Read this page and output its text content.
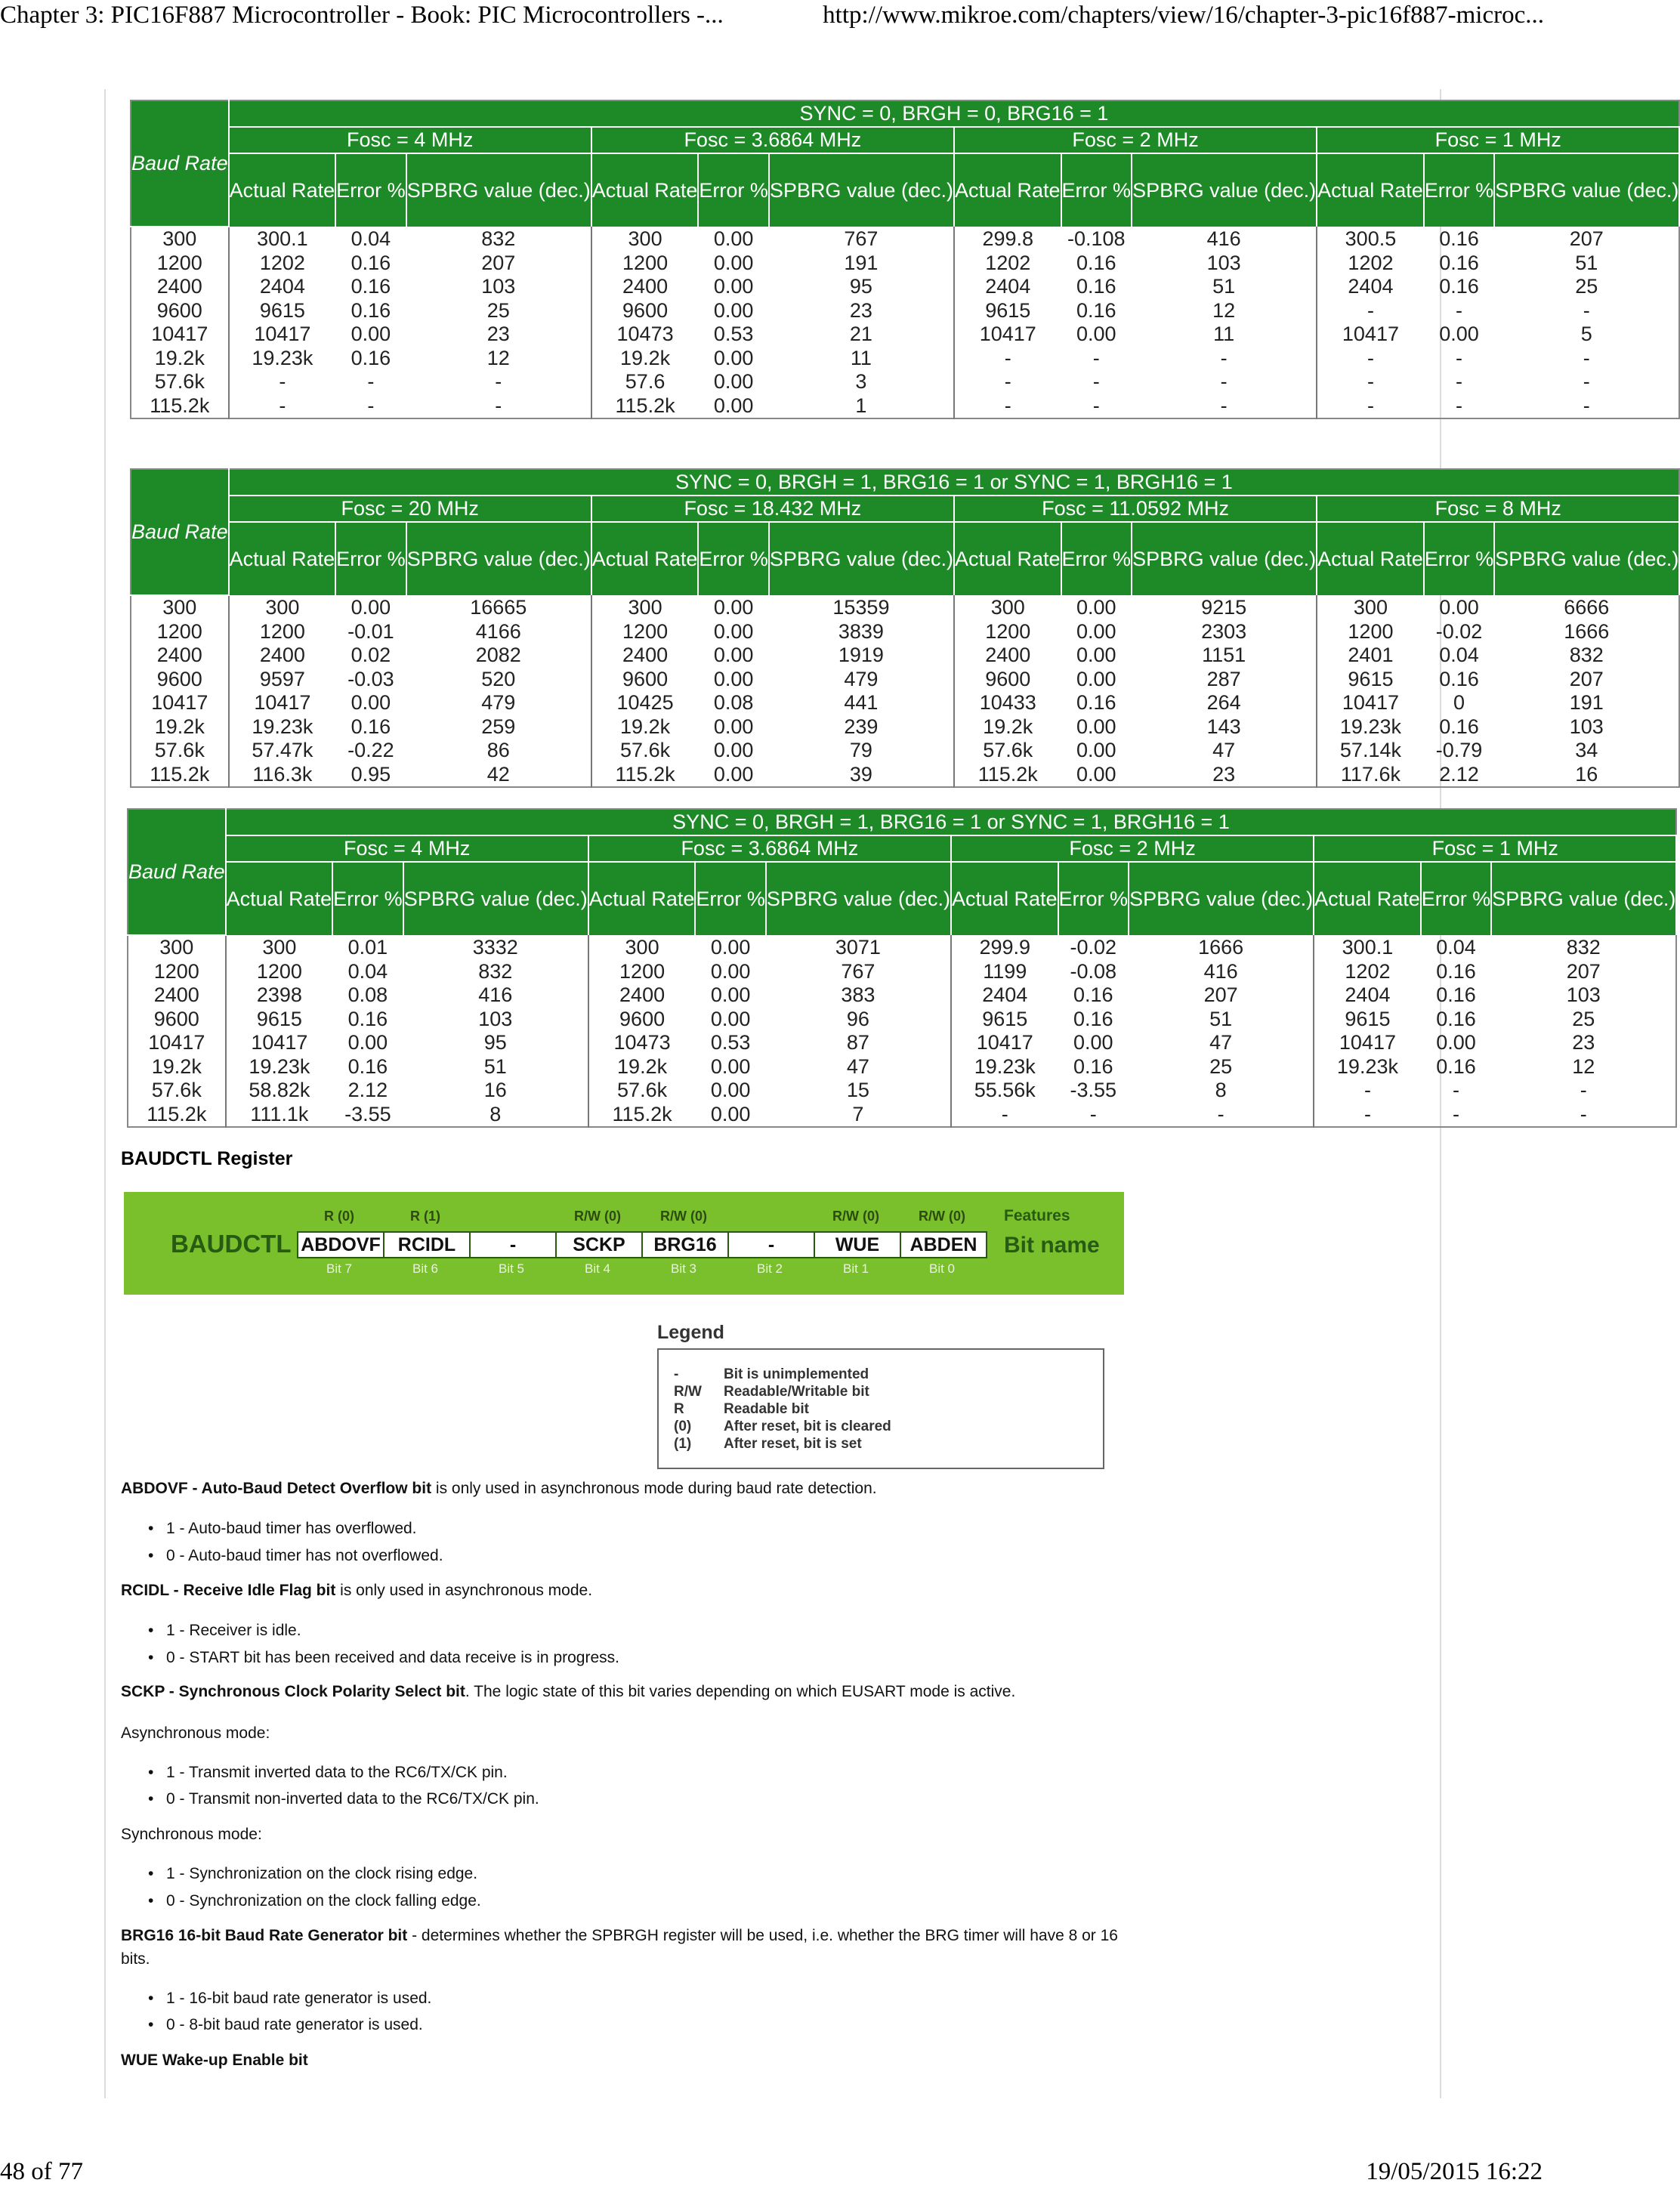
Chapter 3: PIC16F887 Microcontroller - Book: PIC Microcontrollers -...	http://www.mikroe.com/chapters/view/16/chapter-3-pic16f887-microc...
Baud Rate	SYNC = 0, BRGH = 0, BRG16 = 1											
	Fosc = 4 MHz			Fosc = 3.6864 MHz			Fosc = 2 MHz			Fosc = 1 MHz		
	Actual Rate	Error %	SPBRG value (dec.)	Actual Rate	Error %	SPBRG value (dec.)	Actual Rate	Error %	SPBRG value (dec.)	Actual Rate	Error %	SPBRG value (dec.)
300	300.1	0.04	832	300	0.00	767	299.8	-0.108	416	300.5	0.16	207
1200	1202	0.16	207	1200	0.00	191	1202	0.16	103	1202	0.16	51
2400	2404	0.16	103	2400	0.00	95	2404	0.16	51	2404	0.16	25
9600	9615	0.16	25	9600	0.00	23	9615	0.16	12	-	-	-
10417	10417	0.00	23	10473	0.53	21	10417	0.00	11	10417	0.00	5
19.2k	19.23k	0.16	12	19.2k	0.00	11	-	-	-	-	-	-
57.6k	-	-	-	57.6	0.00	3	-	-	-	-	-	-
115.2k	-	-	-	115.2k	0.00	1	-	-	-	-	-	-
Baud Rate	SYNC = 0, BRGH = 1, BRG16 = 1 or SYNC = 1, BRGH16 = 1											
	Fosc = 20 MHz			Fosc = 18.432 MHz			Fosc = 11.0592 MHz			Fosc = 8 MHz		
	Actual Rate	Error %	SPBRG value (dec.)	Actual Rate	Error %	SPBRG value (dec.)	Actual Rate	Error %	SPBRG value (dec.)	Actual Rate	Error %	SPBRG value (dec.)
300	300	0.00	16665	300	0.00	15359	300	0.00	9215	300	0.00	6666
1200	1200	-0.01	4166	1200	0.00	3839	1200	0.00	2303	1200	-0.02	1666
2400	2400	0.02	2082	2400	0.00	1919	2400	0.00	1151	2401	0.04	832
9600	9597	-0.03	520	9600	0.00	479	9600	0.00	287	9615	0.16	207
10417	10417	0.00	479	10425	0.08	441	10433	0.16	264	10417	0	191
19.2k	19.23k	0.16	259	19.2k	0.00	239	19.2k	0.00	143	19.23k	0.16	103
57.6k	57.47k	-0.22	86	57.6k	0.00	79	57.6k	0.00	47	57.14k	-0.79	34
115.2k	116.3k	0.95	42	115.2k	0.00	39	115.2k	0.00	23	117.6k	2.12	16
Baud Rate	SYNC = 0, BRGH = 1, BRG16 = 1 or SYNC = 1, BRGH16 = 1											
	Fosc = 4 MHz			Fosc = 3.6864 MHz			Fosc = 2 MHz			Fosc = 1 MHz		
	Actual Rate	Error %	SPBRG value (dec.)	Actual Rate	Error %	SPBRG value (dec.)	Actual Rate	Error %	SPBRG value (dec.)	Actual Rate	Error %	SPBRG value (dec.)
300	300	0.01	3332	300	0.00	3071	299.9	-0.02	1666	300.1	0.04	832
1200	1200	0.04	832	1200	0.00	767	1199	-0.08	416	1202	0.16	207
2400	2398	0.08	416	2400	0.00	383	2404	0.16	207	2404	0.16	103
9600	9615	0.16	103	9600	0.00	96	9615	0.16	51	9615	0.16	25
10417	10417	0.00	95	10473	0.53	87	10417	0.00	47	10417	0.00	23
19.2k	19.23k	0.16	51	19.2k	0.00	47	19.23k	0.16	25	19.23k	0.16	12
57.6k	58.82k	2.12	16	57.6k	0.00	15	55.56k	-3.55	8	-	-	-
115.2k	111.1k	-3.55	8	115.2k	0.00	7	-	-	-	-	-	-
BAUDCTL Register
BAUDCTL
Features
Bit name
R (0)
ABDOVF
Bit 7
R (1)
RCIDL
Bit 6
-
Bit 5
R/W (0)
SCKP
Bit 4
R/W (0)
BRG16
Bit 3
-
Bit 2
R/W (0)
WUE
Bit 1
R/W (0)
ABDEN
Bit 0
Legend
-	Bit is unimplemented
R/W Readable/Writable bit
R	Readable bit
(0) After reset, bit is cleared
(1) After reset, bit is set
ABDOVF - Auto-Baud Detect Overflow bit is only used in asynchronous mode during baud rate detection.
• 1 - Auto-baud timer has overflowed.
• 0 - Auto-baud timer has not overflowed.
RCIDL - Receive Idle Flag bit is only used in asynchronous mode.
• 1 - Receiver is idle.
• 0 - START bit has been received and data receive is in progress.
SCKP - Synchronous Clock Polarity Select bit. The logic state of this bit varies depending on which EUSART mode is active.
Asynchronous mode:
• 1 - Transmit inverted data to the RC6/TX/CK pin.
• 0 - Transmit non-inverted data to the RC6/TX/CK pin.
Synchronous mode:
• 1 - Synchronization on the clock rising edge.
• 0 - Synchronization on the clock falling edge.
BRG16 16-bit Baud Rate Generator bit - determines whether the SPBRGH register will be used, i.e. whether the BRG timer will have 8 or 16 bits.
• 1 - 16-bit baud rate generator is used.
• 0 - 8-bit baud rate generator is used.
WUE Wake-up Enable bit
48 of 77	19/05/2015 16:22
